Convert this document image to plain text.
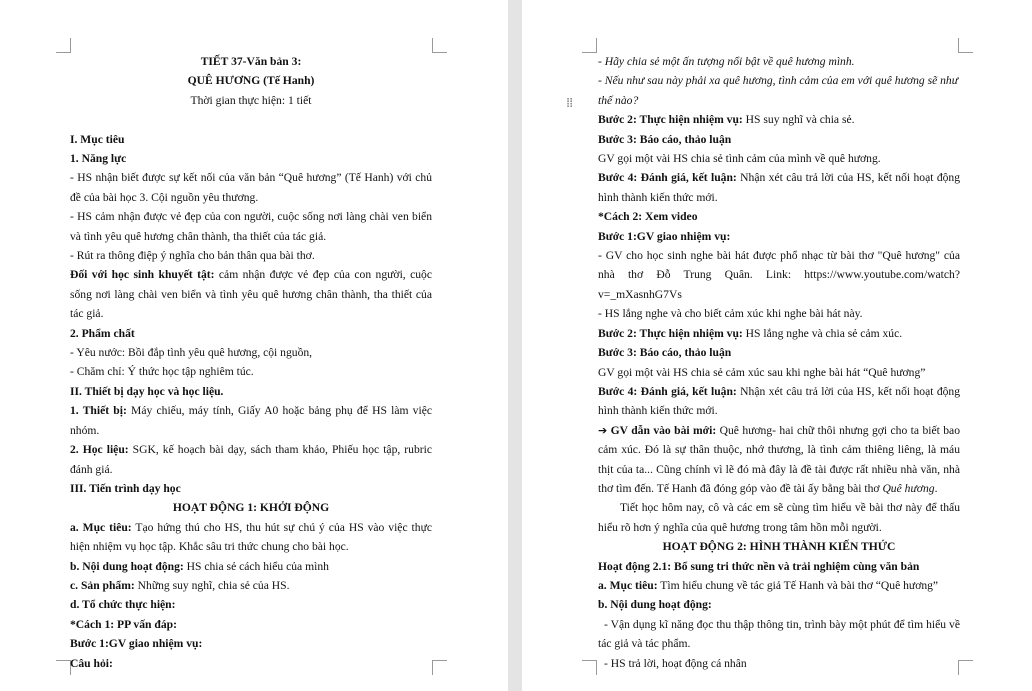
TIẾT 37-Văn bản 3:

QUÊ HƯƠNG (Tế Hanh)

Thời gian thực hiện: 1 tiết

I. Mục tiêu

1. Năng lực

- HS nhận biết được sự kết nối của văn bản “Quê hương” (Tế Hanh) với chủ đề của bài học 3. Cội nguồn yêu thương.

- HS cảm nhận được vẻ đẹp của con người, cuộc sống nơi làng chài ven biển và tình yêu quê hương chân thành, tha thiết của tác giả.

- Rút ra thông điệp ý nghĩa cho bản thân qua bài thơ.

Đối với học sinh khuyết tật: cảm nhận được vẻ đẹp của con người, cuộc sống nơi làng chài ven biển và tình yêu quê hương chân thành, tha thiết của tác giả.

2. Phẩm chất

- Yêu nước: Bồi đắp tình yêu quê hương, cội nguồn,

- Chăm chỉ: Ý thức học tập nghiêm túc.

II. Thiết bị dạy học và học liệu.

1. Thiết bị: Máy chiếu, máy tính, Giấy A0 hoặc bảng phụ để HS làm việc nhóm.

2. Học liệu: SGK, kế hoạch bài dạy, sách tham khảo, Phiếu học tập, rubric đánh giá.

III. Tiến trình dạy học

HOẠT ĐỘNG 1: KHỞI ĐỘNG

a. Mục tiêu: Tạo hứng thú cho HS, thu hút sự chú ý của HS vào việc thực hiện nhiệm vụ học tập. Khắc sâu tri thức chung cho bài học.

b. Nội dung hoạt động: HS chia sẻ cách hiểu của mình

c. Sản phẩm: Những suy nghĩ, chia sẻ của HS.

d. Tổ chức thực hiện:

*Cách 1: PP vấn đáp:

Bước 1:GV giao nhiệm vụ:

Câu hỏi:

⁞⁞

- Hãy chia sẻ một ấn tượng nổi bật về quê hương mình.

- Nếu như sau này phải xa quê hương, tình cảm của em với quê hương sẽ như thế nào?

Bước 2: Thực hiện nhiệm vụ: HS suy nghĩ và chia sẻ.

Bước 3: Báo cáo, thảo luận

GV gọi một vài HS chia sẻ tình cảm của mình về quê hương.

Bước 4: Đánh giá, kết luận: Nhận xét câu trả lời của HS, kết nối hoạt động hình thành kiến thức mới.

*Cách 2: Xem video

Bước 1:GV giao nhiệm vụ:

- GV cho học sinh nghe bài hát được phổ nhạc từ bài thơ "Quê hương" của nhà thơ Đỗ Trung Quân. Link: https://www.youtube.com/watch?v=_mXasnhG7Vs

- HS lắng nghe và cho biết cảm xúc khi nghe bài hát này.

Bước 2: Thực hiện nhiệm vụ: HS lắng nghe và chia sẻ cảm xúc.

Bước 3: Báo cáo, thảo luận

GV gọi một vài HS chia sẻ cảm xúc sau khi nghe bài hát “Quê hương”

Bước 4: Đánh giá, kết luận: Nhận xét câu trả lời của HS, kết nối hoạt động hình thành kiến thức mới.

➔ GV dẫn vào bài mới: Quê hương- hai chữ thôi nhưng gợi cho ta biết bao cảm xúc. Đó là sự thân thuộc, nhớ thương, là tình cảm thiêng liêng, là máu thịt của ta... Cũng chính vì lẽ đó mà đây là đề tài được rất nhiều nhà văn, nhà thơ tìm đến. Tế Hanh đã đóng góp vào đề tài ấy bằng bài thơ Quê hương.

Tiết học hôm nay, cô và các em sẽ cùng tìm hiểu về bài thơ này để thấu hiểu rõ hơn ý nghĩa của quê hương trong tâm hồn mỗi người.

HOẠT ĐỘNG 2: HÌNH THÀNH KIẾN THỨC

Hoạt động 2.1: Bổ sung tri thức nền và trải nghiệm cùng văn bản

a. Mục tiêu: Tìm hiểu chung về tác giả Tế Hanh và bài thơ “Quê hương”

b. Nội dung hoạt động:

- Vận dụng kĩ năng đọc thu thập thông tin, trình bày một phút để tìm hiểu về tác giả và tác phẩm.

- HS trả lời, hoạt động cá nhân
